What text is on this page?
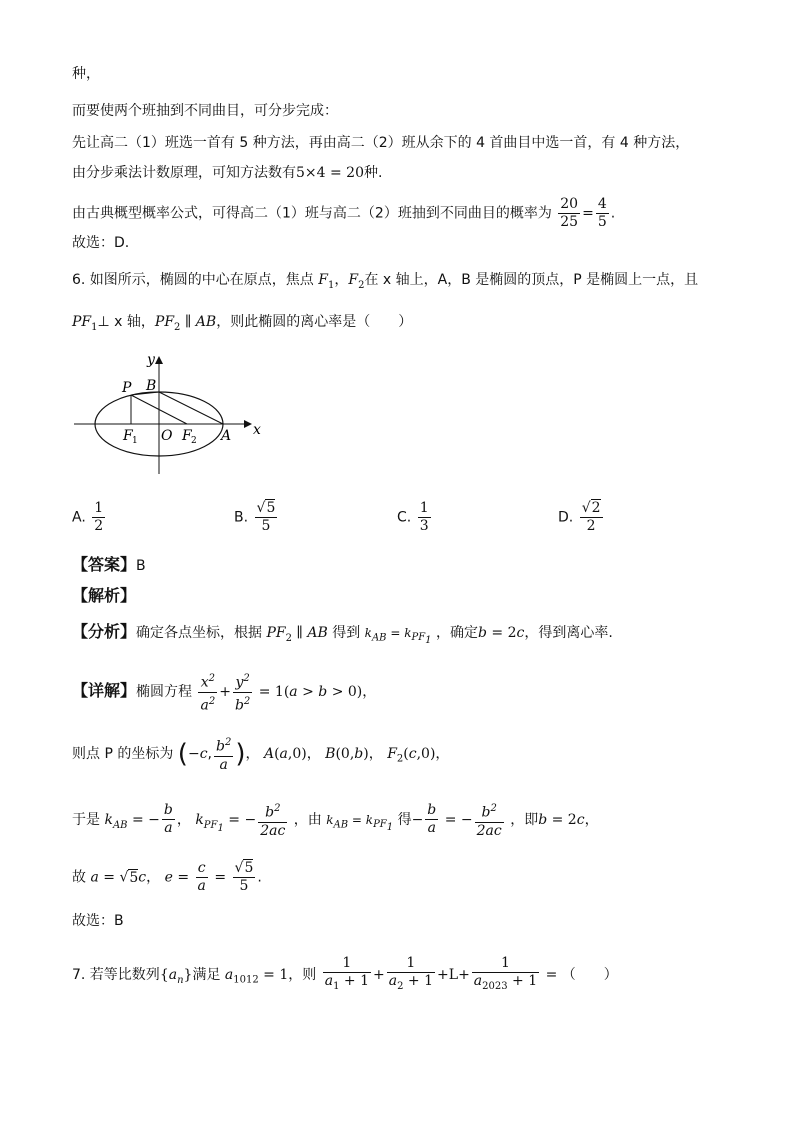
种，
而要使两个班抽到不同曲目，可分步完成：
先让高二（1）班选一首有 5 种方法，再由高二（2）班从余下的 4 首曲目中选一首，有 4 种方法，
由分步乘法计数原理，可知方法数有5×4 = 20种.
由古典概型概率公式，可得高二（1）班与高二（2）班抽到不同曲目的概率为 $\frac{20}{25} = \frac{4}{5}$ .
故选：D.
6. 如图所示，椭圆的中心在原点，焦点 $F_1$，$F_2$在 x 轴上，A，B 是椭圆的顶点，P 是椭圆上一点，且
$PF_1\perp$ x 轴，$PF_2$ ∥ AB，则此椭圆的离心率是（　　）
y
x
P B
F 1 O F 2 A
A. $\frac{1}{2}$	B. $\frac{√5}{5}$	C. $\frac{1}{3}$	D. $\frac{√2}{2}$
【答案】B
【解析】
【分析】确定各点坐标，根据 $PF_2$ ∥ AB 得到 $k_{AB} = k_{PF_1}$ ，确定b = 2c，得到离心率.
【详解】椭圆方程 $\frac{x^2}{a^2} + \frac{y^2}{b^2} = 1(a > b > 0)$，
则点 P 的坐标为 (−c, $\frac{b^2}{a}$ )， A(a,0)， B(0,b)， $F_2(c,0)$，
于是 $k_{AB}$ = − $\frac{b}{a}$ ， $k_{PF_1}$ = − $\frac{b^2}{2ac}$ ，由 $k_{AB} = k_{PF_1}$ 得− $\frac{b}{a}$ = − $\frac{b^2}{2ac}$ ，即b = 2c，
故 a = √5c， $e = \frac{c}{a} = \frac{√5}{5}$ .
故选：B
7. 若等比数列$\{a_n\}$满足 $a_{1012} = 1$，则 $\frac{1}{a_1 + 1} + \frac{1}{a_2 + 1} +L+ \frac{1}{a_{2023} + 1}$ = （　　）
